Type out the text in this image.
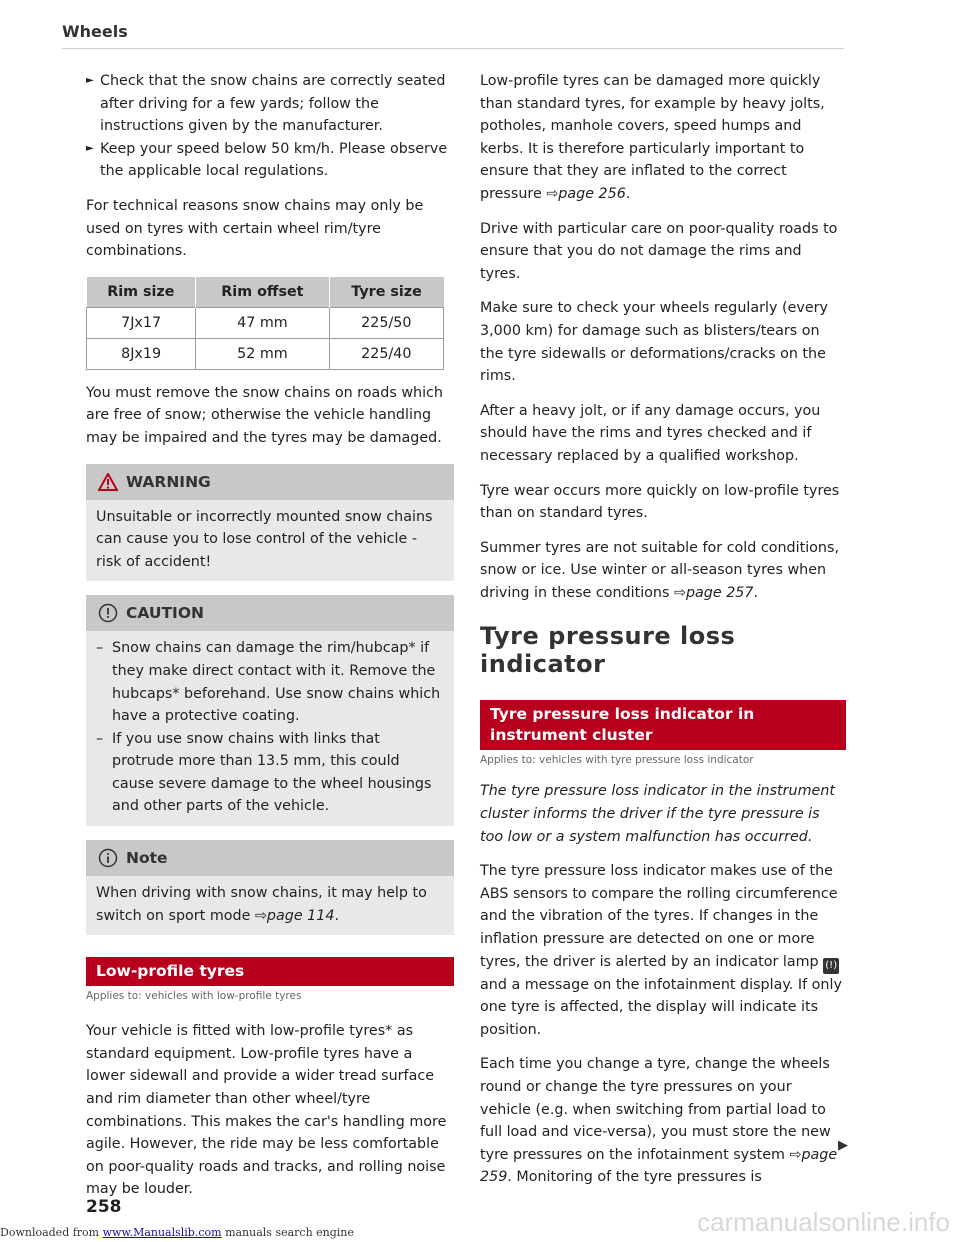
Wheels
► Check that the snow chains are correctly seated after driving for a few yards; follow the instructions given by the manufacturer.
► Keep your speed below 50 km/h. Please observe the applicable local regulations.

For technical reasons snow chains may only be used on tyres with certain wheel rim/tyre combinations.

Rim size	Rim offset	Tyre size
7Jx17	47 mm	225/50
8Jx19	52 mm	225/40

You must remove the snow chains on roads which are free of snow; otherwise the vehicle handling may be impaired and the tyres may be damaged.

WARNING

Unsuitable or incorrectly mounted snow chains can cause you to lose control of the vehicle - risk of accident!

CAUTION
– Snow chains can damage the rim/hubcap* if they make direct contact with it. Remove the hubcaps* beforehand. Use snow chains which have a protective coating.
– If you use snow chains with links that protrude more than 13.5 mm, this could cause severe damage to the wheel housings and other parts of the vehicle.
Note

When driving with snow chains, it may help to switch on sport mode ⇨page 114.

Low-profile tyres
Applies to: vehicles with low-profile tyres

Your vehicle is fitted with low-profile tyres* as standard equipment. Low-profile tyres have a lower sidewall and provide a wider tread surface and rim diameter than other wheel/tyre combinations. This makes the car's handling more agile. However, the ride may be less comfortable on poor-quality roads and tracks, and rolling noise may be louder.

Low-profile tyres can be damaged more quickly than standard tyres, for example by heavy jolts, potholes, manhole covers, speed humps and kerbs. It is therefore particularly important to ensure that they are inflated to the correct pressure ⇨page 256.

Drive with particular care on poor-quality roads to ensure that you do not damage the rims and tyres.

Make sure to check your wheels regularly (every 3,000 km) for damage such as blisters/tears on the tyre sidewalls or deformations/cracks on the rims.

After a heavy jolt, or if any damage occurs, you should have the rims and tyres checked and if necessary replaced by a qualified workshop.

Tyre wear occurs more quickly on low-profile tyres than on standard tyres.

Summer tyres are not suitable for cold conditions, snow or ice. Use winter or all-season tyres when driving in these conditions ⇨page 257.

Tyre pressure loss indicator
Tyre pressure loss indicator in instrument cluster
Applies to: vehicles with tyre pressure loss indicator

The tyre pressure loss indicator in the instrument cluster informs the driver if the tyre pressure is too low or a system malfunction has occurred.

The tyre pressure loss indicator makes use of the ABS sensors to compare the rolling circumference and the vibration of the tyres. If changes in the inflation pressure are detected on one or more tyres, the driver is alerted by an indicator lamp (!) and a message on the infotainment display. If only one tyre is affected, the display will indicate its position.

Each time you change a tyre, change the wheels round or change the tyre pressures on your vehicle (e.g. when switching from partial load to full load and vice-versa), you must store the new tyre pressures on the infotainment system ⇨page 259. Monitoring of the tyre pressures is

▶
258	carmanualsonline.info
Downloaded from www.Manualslib.com manuals search engine
